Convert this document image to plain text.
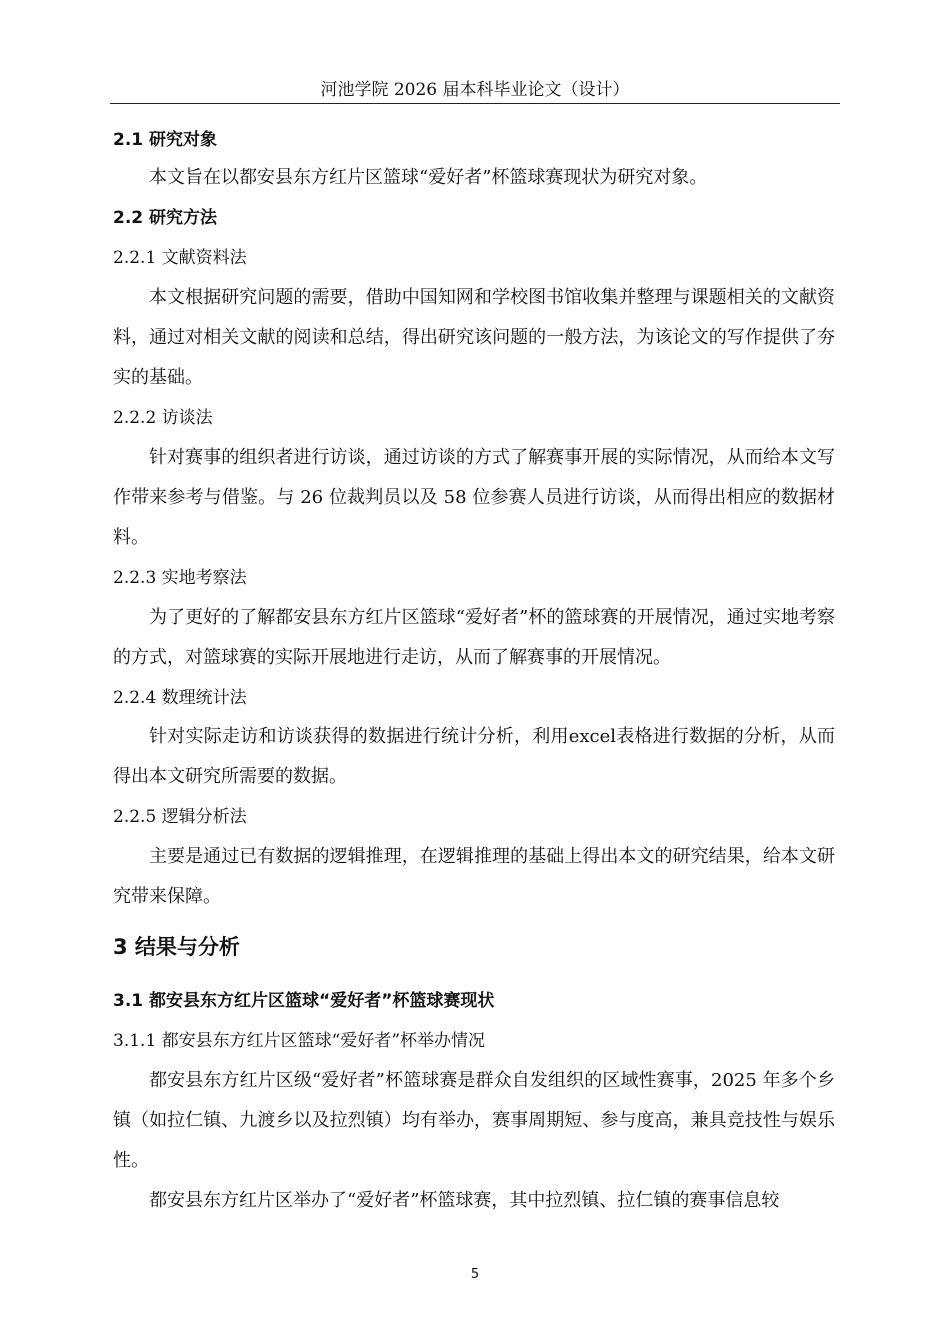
河池学院 2026 届本科毕业论文（设计）
2.1 研究对象

本文旨在以都安县东方红片区篮球“爱好者”杯篮球赛现状为研究对象。

2.2 研究方法
2.2.1 文献资料法

本文根据研究问题的需要，借助中国知网和学校图书馆收集并整理与课题相关的文献资料，通过对相关文献的阅读和总结，得出研究该问题的一般方法，为该论文的写作提供了夯实的基础。

2.2.2 访谈法

针对赛事的组织者进行访谈，通过访谈的方式了解赛事开展的实际情况，从而给本文写作带来参考与借鉴。与 26 位裁判员以及 58 位参赛人员进行访谈，从而得出相应的数据材料。

2.2.3 实地考察法

为了更好的了解都安县东方红片区篮球“爱好者”杯的篮球赛的开展情况，通过实地考察的方式，对篮球赛的实际开展地进行走访，从而了解赛事的开展情况。

2.2.4 数理统计法

针对实际走访和访谈获得的数据进行统计分析，利用excel表格进行数据的分析，从而得出本文研究所需要的数据。

2.2.5 逻辑分析法

主要是通过已有数据的逻辑推理，在逻辑推理的基础上得出本文的研究结果，给本文研究带来保障。

3 结果与分析
3.1 都安县东方红片区篮球“爱好者”杯篮球赛现状
3.1.1 都安县东方红片区篮球“爱好者”杯举办情况

都安县东方红片区级“爱好者”杯篮球赛是群众自发组织的区域性赛事，2025 年多个乡镇（如拉仁镇、九渡乡以及拉烈镇）均有举办，赛事周期短、参与度高，兼具竞技性与娱乐性。

都安县东方红片区举办了“爱好者”杯篮球赛，其中拉烈镇、拉仁镇的赛事信息较

5
